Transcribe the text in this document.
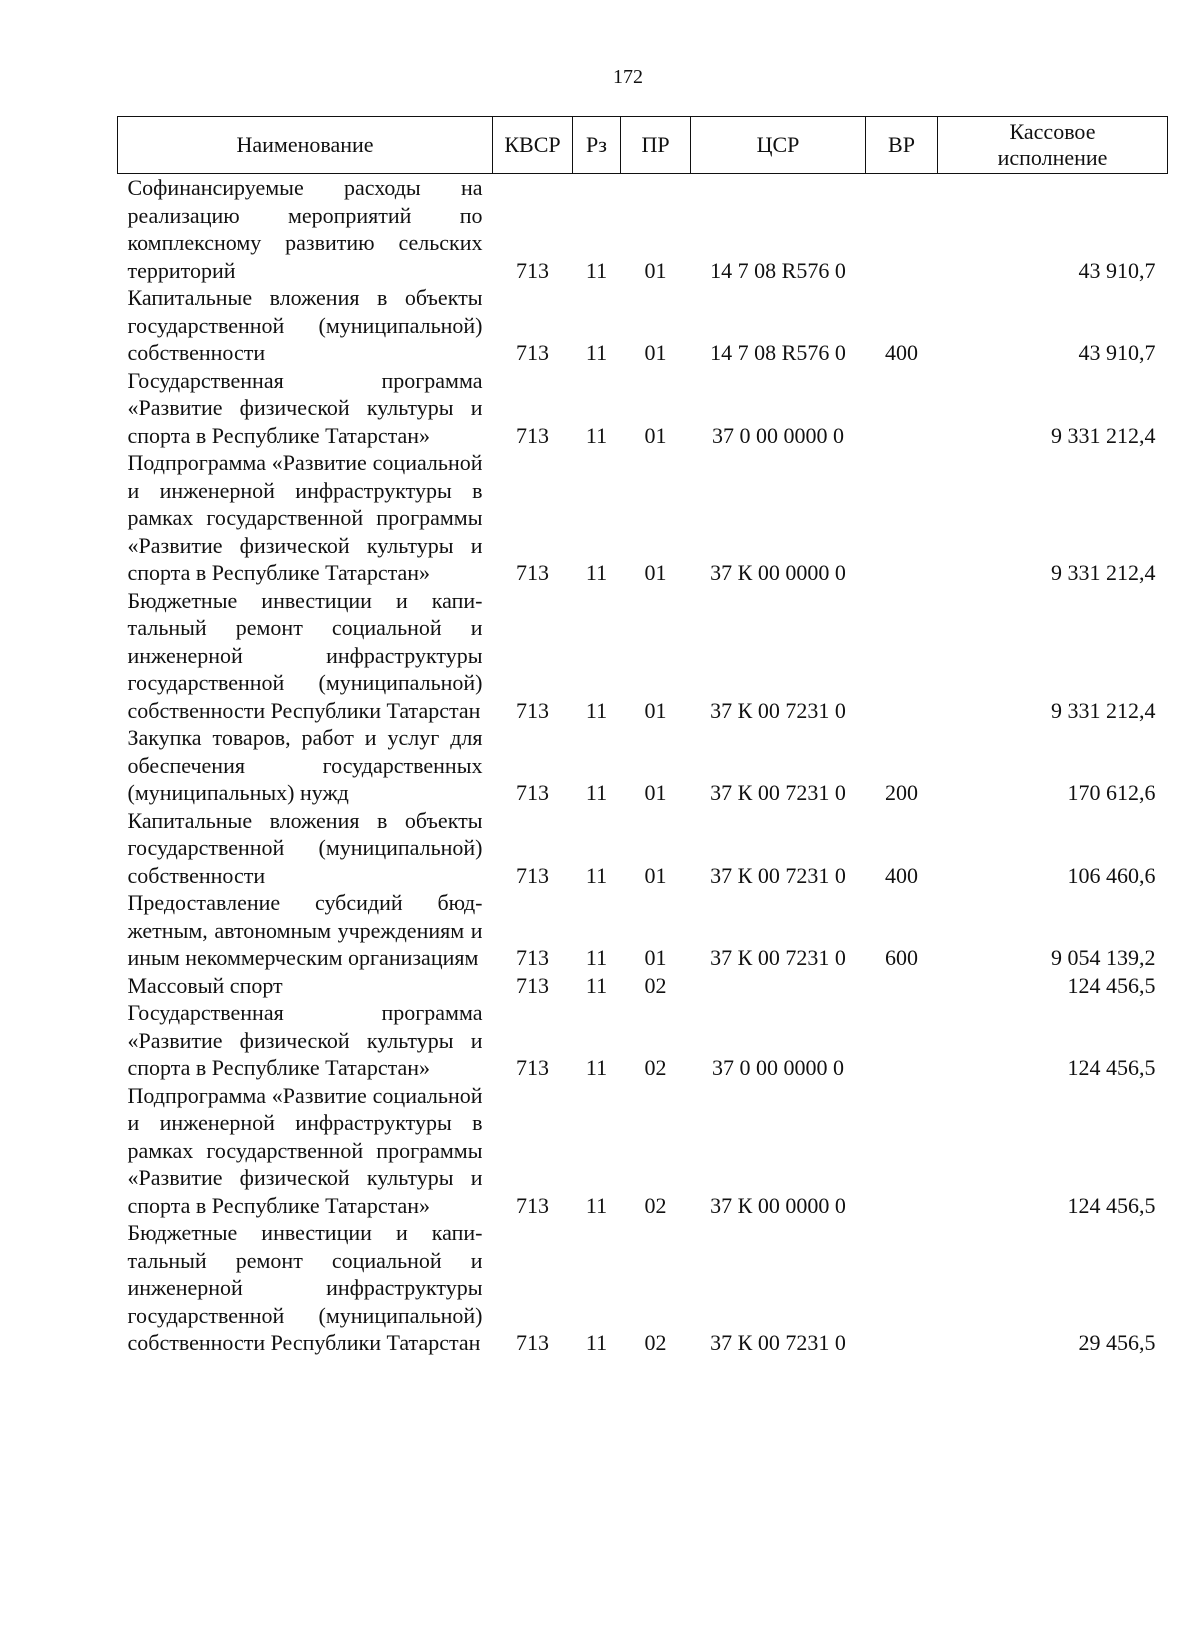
172
Наименование	КВСР	Рз	ПР	ЦСР	ВР	Кассовое
исполнение
Софинансируемые расходы на реализацию мероприятий по комплексному развитию сельских территорий	713	11	01	14 7 08 R576 0		43 910,7
Капитальные вложения в объекты государственной (муниципальной) собственности	713	11	01	14 7 08 R576 0	400	43 910,7
Государственная программа «Развитие физической культуры и спорта в Республике Татарстан»	713	11	01	37 0 00 0000 0		9 331 212,4
Подпрограмма «Развитие социальной и инженерной инфраструктуры в рамках государственной программы «Развитие физической культуры и спорта в Республике Татарстан»	713	11	01	37 К 00 0000 0		9 331 212,4
Бюджетные инвестиции и капитальный ремонт социальной и инженерной инфраструктуры государственной (муниципальной) собственности Республики Татарстан	713	11	01	37 К 00 7231 0		9 331 212,4
Закупка товаров, работ и услуг для обеспечения государственных (муниципальных) нужд	713	11	01	37 К 00 7231 0	200	170 612,6
Капитальные вложения в объекты государственной (муниципальной) собственности	713	11	01	37 К 00 7231 0	400	106 460,6
Предоставление субсидий бюджетным, автономным учреждениям и иным некоммерческим организациям	713	11	01	37 К 00 7231 0	600	9 054 139,2
Массовый спорт	713	11	02			124 456,5
Государственная программа «Развитие физической культуры и спорта в Республике Татарстан»	713	11	02	37 0 00 0000 0		124 456,5
Подпрограмма «Развитие социальной и инженерной инфраструктуры в рамках государственной программы «Развитие физической культуры и спорта в Республике Татарстан»	713	11	02	37 К 00 0000 0		124 456,5
Бюджетные инвестиции и капитальный ремонт социальной и инженерной инфраструктуры государственной (муниципальной) собственности Республики Татарстан	713	11	02	37 К 00 7231 0		29 456,5
